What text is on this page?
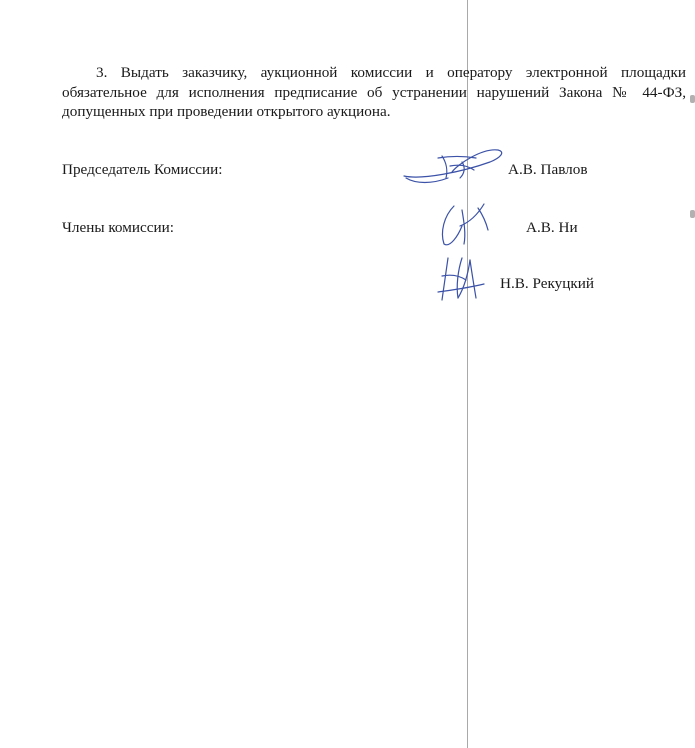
3. Выдать заказчику, аукционной комиссии и оператору электронной площадки обязательное для исполнения предписание об устранении нарушений Закона № 44-ФЗ, допущенных при проведении открытого аукциона.

Председатель Комиссии:	А.В. Павлов
Члены комиссии:	А.В. Ни
Н.В. Рекуцкий
